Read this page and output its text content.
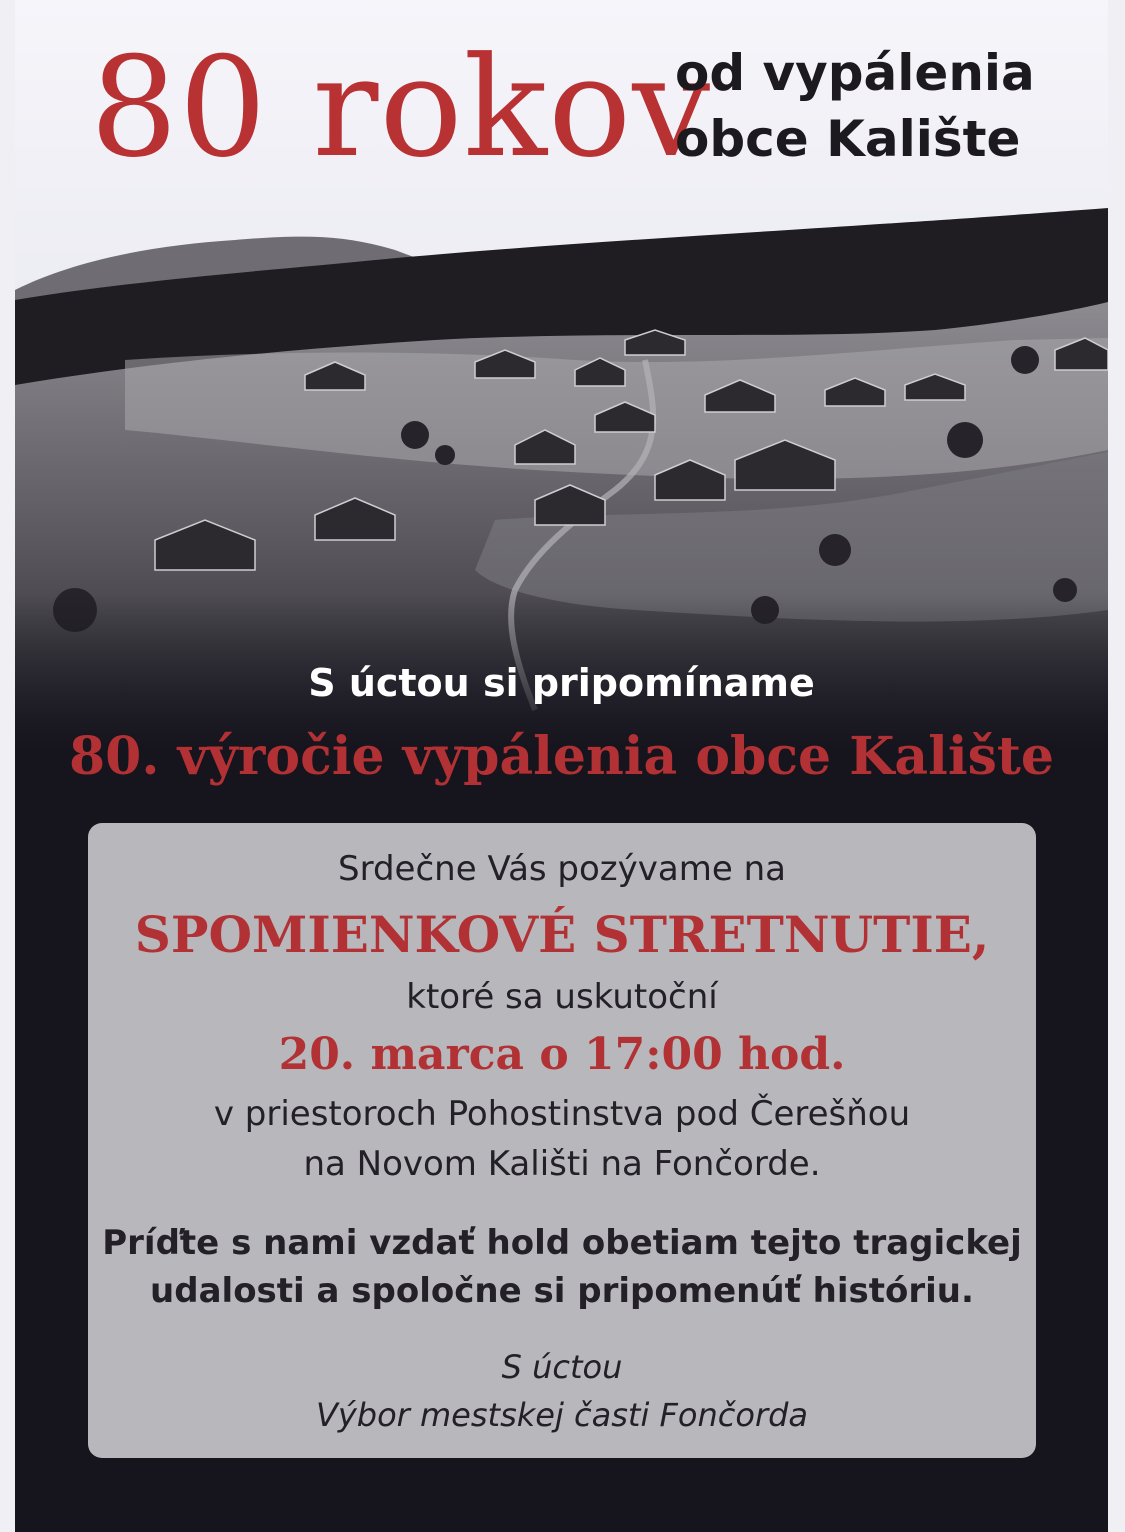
80 rokov
od vypálenia
obce Kalište
S úctou si pripomíname
80. výročie vypálenia obce Kalište
Srdečne Vás pozývame na
SPOMIENKOVÉ STRETNUTIE,
ktoré sa uskutoční
20. marca o 17:00 hod.
v priestoroch Pohostinstva pod Čerešňou
na Novom Kališti na Fončorde.
Príďte s nami vzdať hold obetiam tejto tragickej
udalosti a spoločne si pripomenúť históriu.
S úctou
Výbor mestskej časti Fončorda
